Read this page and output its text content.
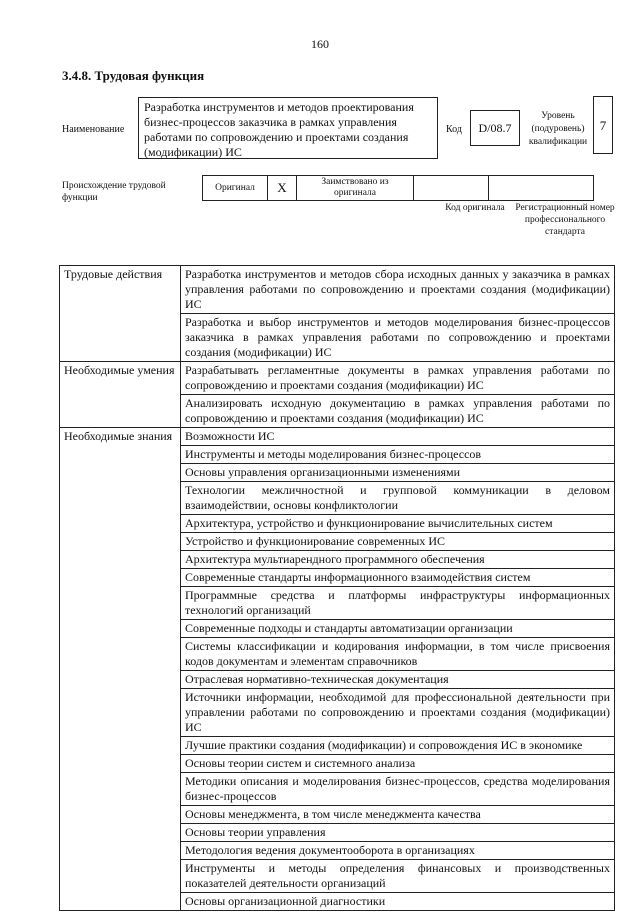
160
3.4.8. Трудовая функция
Наименование
Разработка инструментов и методов проектирования бизнес-процессов заказчика в рамках управления работами по сопровождению и проектами создания (модификации) ИС
Код	D/08.7
Уровень (подуровень) квалификации
7
Происхождение трудовой функции
Оригинал	X	Заимствовано из оригинала		
Код оригинала	Регистрационный номер профессионального стандарта
Трудовые действия	Разработка инструментов и методов сбора исходных данных у заказчика в рамках управления работами по сопровождению и проектами создания (модификации) ИС
	Разработка и выбор инструментов и методов моделирования бизнес-процессов заказчика в рамках управления работами по сопровождению и проектами создания (модификации) ИС
Необходимые умения	Разрабатывать регламентные документы в рамках управления работами по сопровождению и проектами создания (модификации) ИС
	Анализировать исходную документацию в рамках управления работами по сопровождению и проектами создания (модификации) ИС
Необходимые знания	Возможности ИС
	Инструменты и методы моделирования бизнес-процессов
	Основы управления организационными изменениями
	Технологии межличностной и групповой коммуникации в деловом взаимодействии, основы конфликтологии
	Архитектура, устройство и функционирование вычислительных систем
	Устройство и функционирование современных ИС
	Архитектура мультиарендного программного обеспечения
	Современные стандарты информационного взаимодействия систем
	Программные средства и платформы инфраструктуры информационных технологий организаций
	Современные подходы и стандарты автоматизации организации
	Системы классификации и кодирования информации, в том числе присвоения кодов документам и элементам справочников
	Отраслевая нормативно-техническая документация
	Источники информации, необходимой для профессиональной деятельности при управлении работами по сопровождению и проектами создания (модификации) ИС
	Лучшие практики создания (модификации) и сопровождения ИС в экономике
	Основы теории систем и системного анализа
	Методики описания и моделирования бизнес-процессов, средства моделирования бизнес-процессов
	Основы менеджмента, в том числе менеджмента качества
	Основы теории управления
	Методология ведения документооборота в организациях
	Инструменты и методы определения финансовых и производственных показателей деятельности организаций
	Основы организационной диагностики
